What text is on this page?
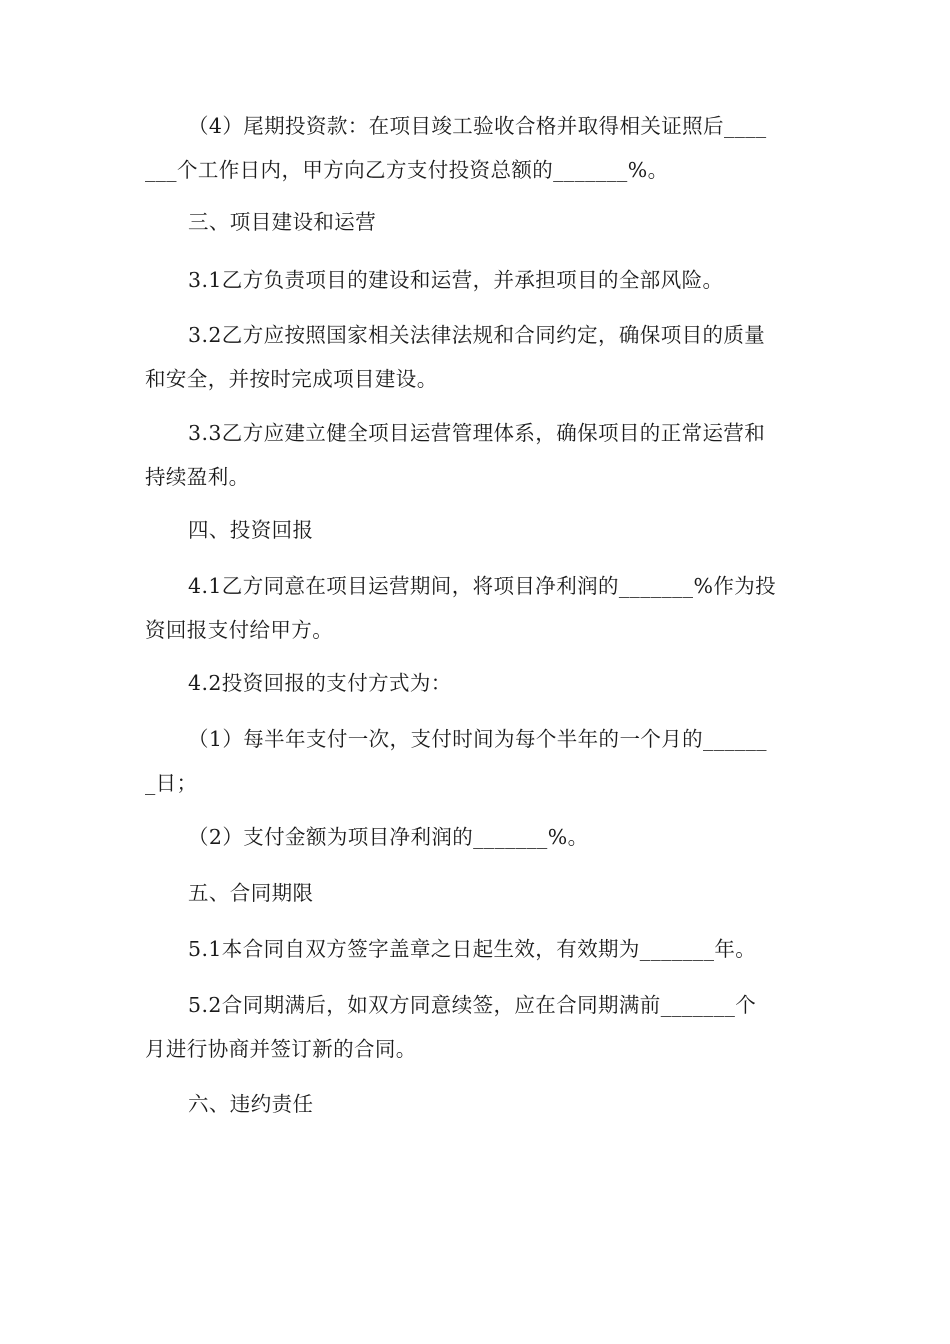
（4）尾期投资款：在项目竣工验收合格并取得相关证照后____
___个工作日内，甲方向乙方支付投资总额的_______%。

三、项目建设和运营

3.1乙方负责项目的建设和运营，并承担项目的全部风险。

3.2乙方应按照国家相关法律法规和合同约定，确保项目的质量
和安全，并按时完成项目建设。

3.3乙方应建立健全项目运营管理体系，确保项目的正常运营和
持续盈利。

四、投资回报

4.1乙方同意在项目运营期间，将项目净利润的_______%作为投
资回报支付给甲方。

4.2投资回报的支付方式为：

（1）每半年支付一次，支付时间为每个半年的一个月的______
_日；

（2）支付金额为项目净利润的_______%。

五、合同期限

5.1本合同自双方签字盖章之日起生效，有效期为_______年。

5.2合同期满后，如双方同意续签，应在合同期满前_______个
月进行协商并签订新的合同。

六、违约责任
